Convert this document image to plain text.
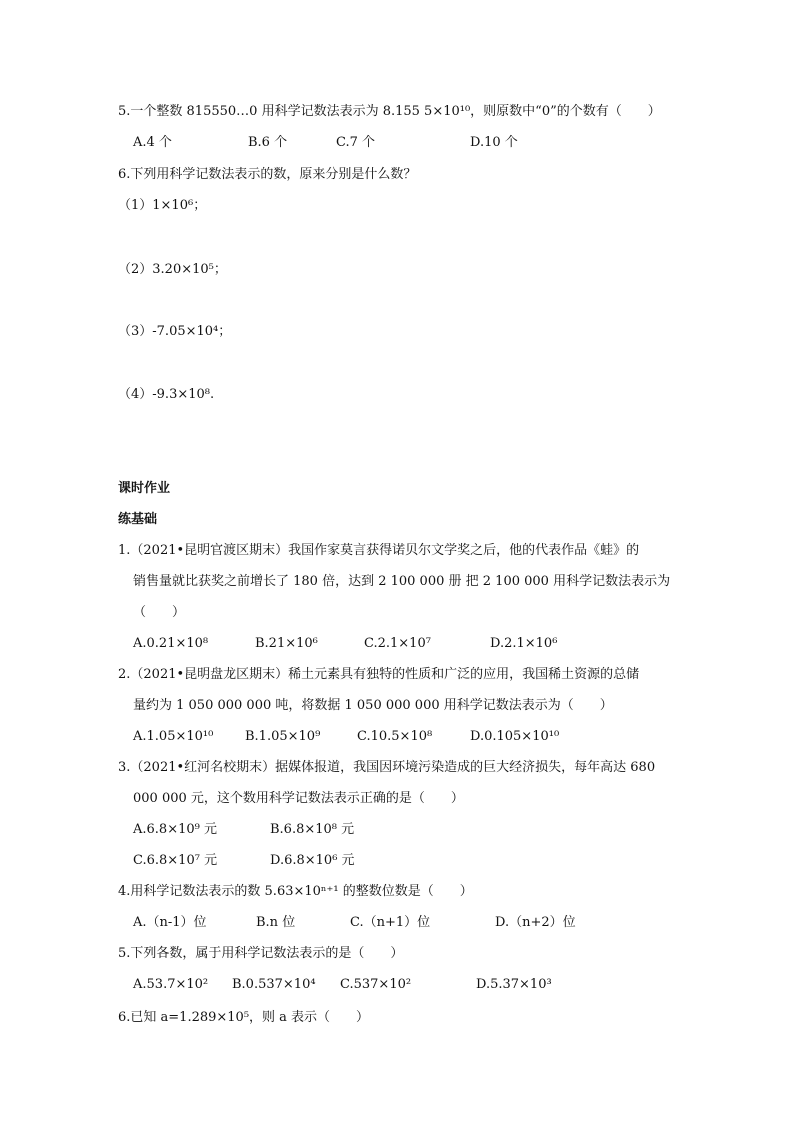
5.一个整数 815550…0 用科学记数法表示为 8.155 5×10¹⁰，则原数中“0”的个数有（　　）
A.4 个	B.6 个	C.7 个	D.10 个
6.下列用科学记数法表示的数，原来分别是什么数？
（1）1×10⁶；
（2）3.20×10⁵；
（3）-7.05×10⁴；
（4）-9.3×10⁸.
课时作业
练基础
1.（2021•昆明官渡区期末）我国作家莫言获得诺贝尔文学奖之后，他的代表作品《蛙》的
销售量就比获奖之前增长了 180 倍，达到 2 100 000 册 把 2 100 000 用科学记数法表示为
（　　）
A.0.21×10⁸	B.21×10⁶	C.2.1×10⁷	D.2.1×10⁶
2.（2021•昆明盘龙区期末）稀土元素具有独特的性质和广泛的应用，我国稀土资源的总储
量约为 1 050 000 000 吨，将数据 1 050 000 000 用科学记数法表示为（　　）
A.1.05×10¹⁰ B.1.05×10⁹	C.10.5×10⁸	D.0.105×10¹⁰
3.（2021•红河名校期末）据媒体报道，我国因环境污染造成的巨大经济损失，每年高达 680
000 000 元，这个数用科学记数法表示正确的是（　　）
A.6.8×10⁹ 元	B.6.8×10⁸ 元
C.6.8×10⁷ 元	D.6.8×10⁶ 元
4.用科学记数法表示的数 5.63×10ⁿ⁺¹ 的整数位数是（　　）
A.（n-1）位	B.n 位	C.（n+1）位	D.（n+2）位
5.下列各数，属于用科学记数法表示的是（　　）
A.53.7×10² B.0.537×10⁴ C.537×10²	D.5.37×10³
6.已知 a=1.289×10⁵，则 a 表示（　　）
